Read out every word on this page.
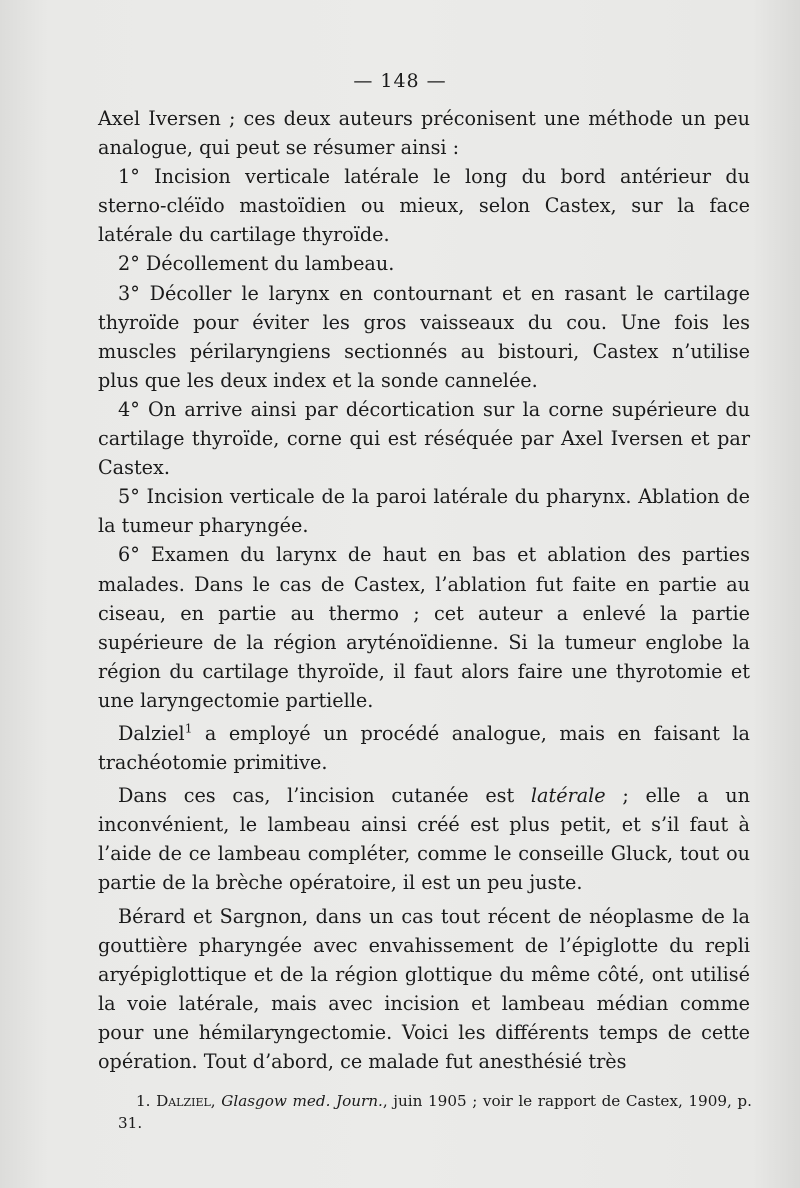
— 148 —

Axel Iversen ; ces deux auteurs préconisent une méthode un peu analogue, qui peut se résumer ainsi :

1° Incision verticale latérale le long du bord antérieur du sterno-cléïdo mastoïdien ou mieux, selon Castex, sur la face latérale du cartilage thyroïde.

2° Décollement du lambeau.

3° Décoller le larynx en contournant et en rasant le cartilage thyroïde pour éviter les gros vaisseaux du cou. Une fois les muscles périlaryngiens sectionnés au bistouri, Castex n’utilise plus que les deux index et la sonde cannelée.

4° On arrive ainsi par décortication sur la corne supérieure du cartilage thyroïde, corne qui est réséquée par Axel Iversen et par Castex.

5° Incision verticale de la paroi latérale du pharynx. Ablation de la tumeur pharyngée.

6° Examen du larynx de haut en bas et ablation des parties malades. Dans le cas de Castex, l’ablation fut faite en partie au ciseau, en partie au thermo ; cet auteur a enlevé la partie supérieure de la région aryténoïdienne. Si la tumeur englobe la région du cartilage thyroïde, il faut alors faire une thyrotomie et une laryngectomie partielle.

Dalziel$^1$ a employé un procédé analogue, mais en faisant la trachéotomie primitive.

Dans ces cas, l’incision cutanée est latérale ; elle a un inconvénient, le lambeau ainsi créé est plus petit, et s’il faut à l’aide de ce lambeau compléter, comme le conseille Gluck, tout ou partie de la brèche opératoire, il est un peu juste.

Bérard et Sargnon, dans un cas tout récent de néoplasme de la gouttière pharyngée avec envahissement de l’épiglotte du repli aryépiglottique et de la région glottique du même côté, ont utilisé la voie latérale, mais avec incision et lambeau médian comme pour une hémilaryngectomie. Voici les différents temps de cette opération. Tout d’abord, ce malade fut anesthésié très

1. Dalziel, Glasgow med. Journ., juin 1905 ; voir le rapport de Castex, 1909, p. 31.
